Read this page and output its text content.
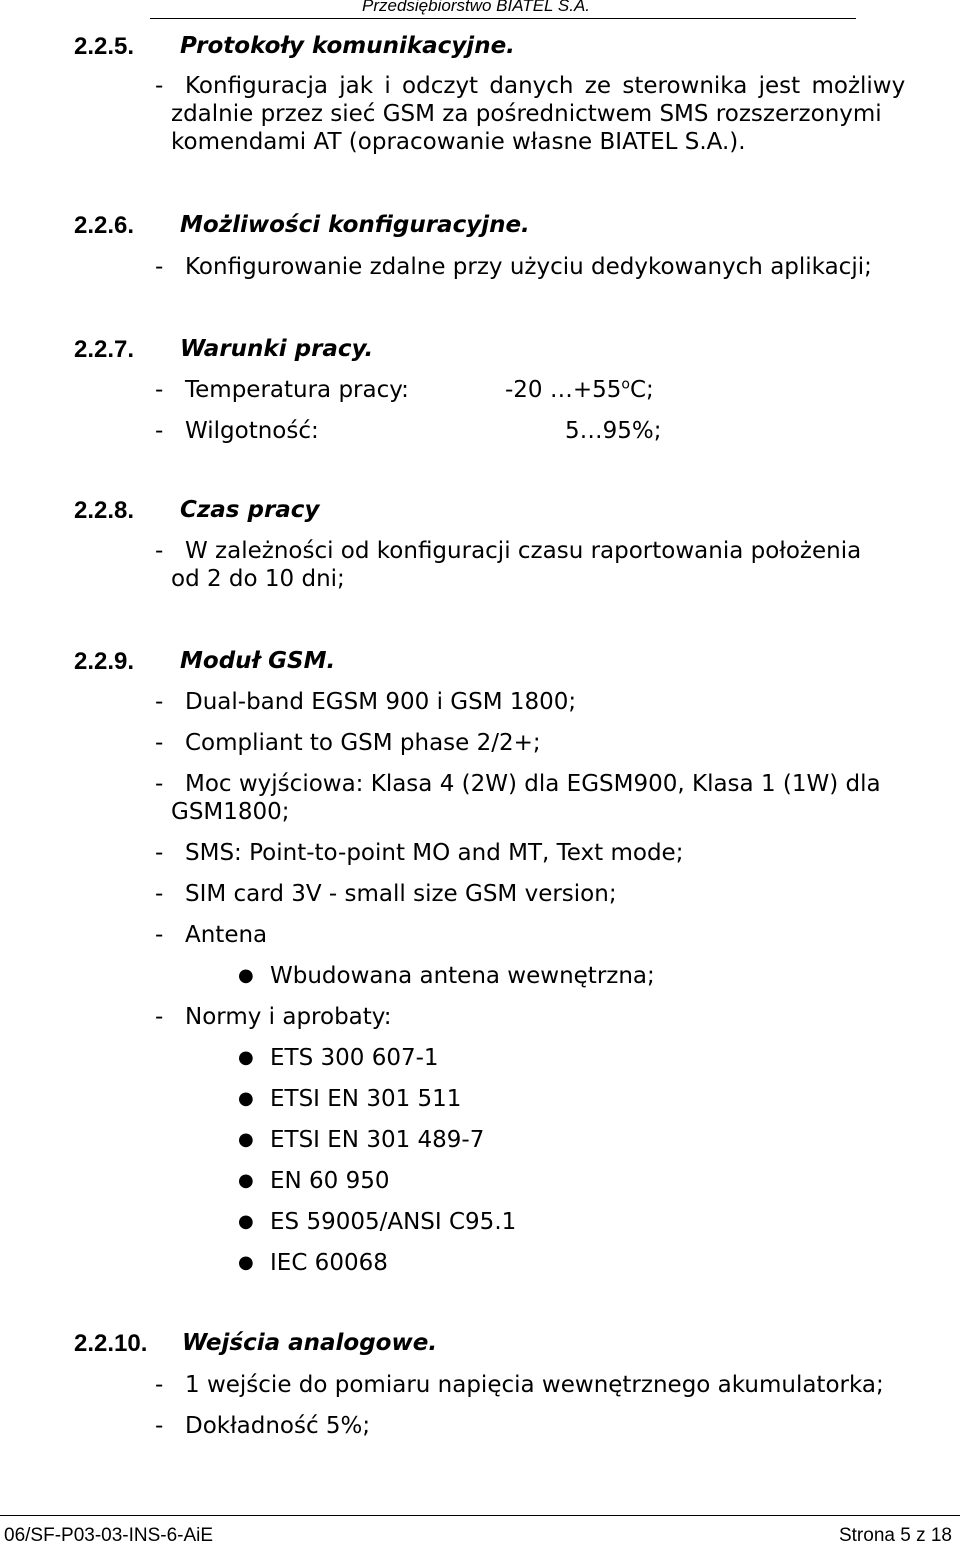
Przedsiębiorstwo BIATEL S.A.
2.2.5. Protokoły komunikacyjne.
- Konfiguracja jak i odczyt danych ze sterownika jest możliwy
zdalnie przez sieć GSM za pośrednictwem SMS rozszerzonymi
komendami AT (opracowanie własne BIATEL S.A.).
2.2.6. Możliwości konfiguracyjne.
- Konfigurowanie zdalne przy użyciu dedykowanych aplikacji;
2.2.7. Warunki pracy.
- Temperatura pracy:	-20 $\dots+55^oC$;
- Wilgotność:	5…95%;
2.2.8. Czas pracy
- W zależności od konfiguracji czasu raportowania położenia
od 2 do 10 dni;
2.2.9. Moduł GSM.
- Dual-band EGSM 900 i GSM 1800;
- Compliant to GSM phase 2/2+;
- Moc wyjściowa: Klasa 4 (2W) dla EGSM900, Klasa 1 (1W) dla
GSM1800;
- SMS: Point-to-point MO and MT, Text mode;
- SIM card 3V - small size GSM version;
- Antena
● Wbudowana antena wewnętrzna;
- Normy i aprobaty:
● ETS 300 607-1
● ETSI EN 301 511
● ETSI EN 301 489-7
● EN 60 950
● ES 59005/ANSI C95.1
● IEC 60068
2.2.10. Wejścia analogowe.
- 1 wejście do pomiaru napięcia wewnętrznego akumulatorka;
- Dokładność 5%;
06/SF-P03-03-INS-6-AiE	Strona 5 z 18
